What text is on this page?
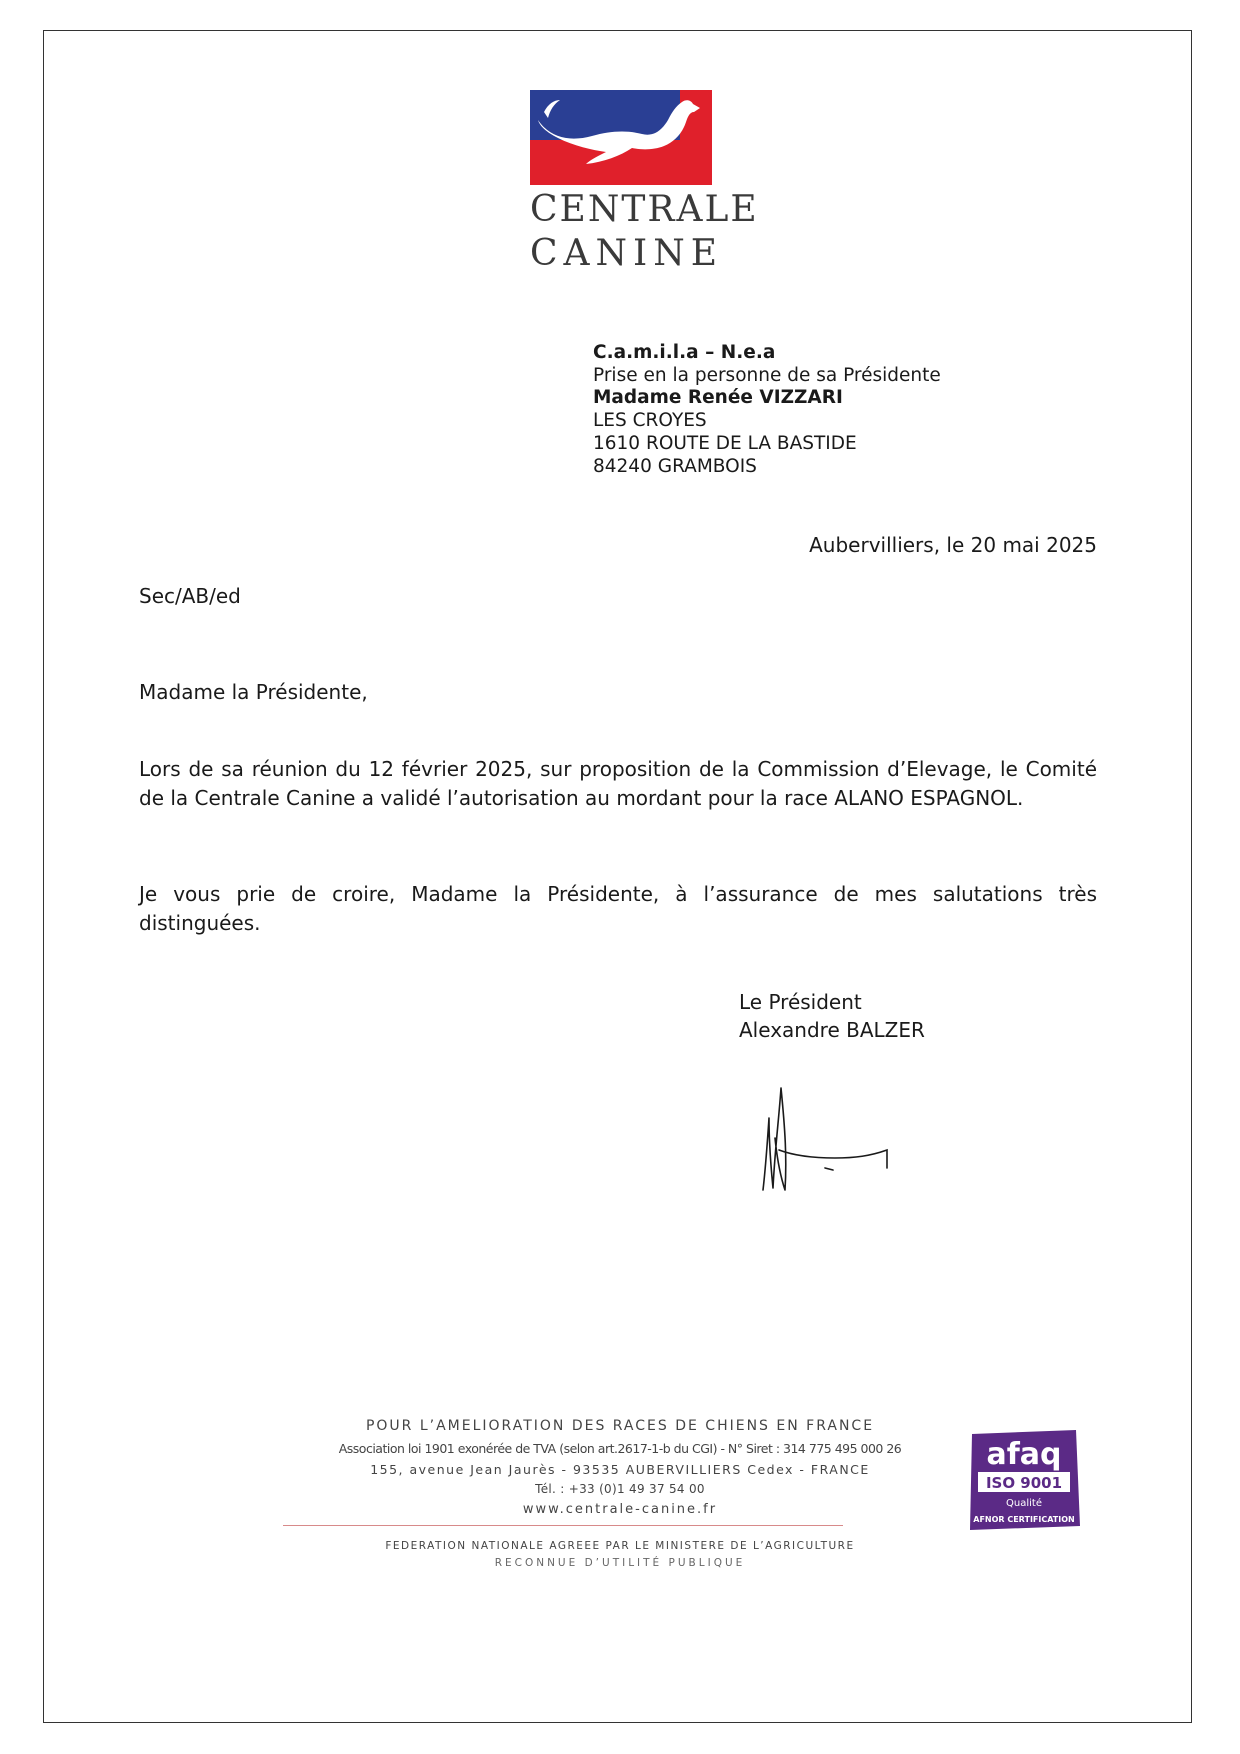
CENTRALE
CANINE
C.a.m.i.l.a – N.e.a
Prise en la personne de sa Présidente
Madame Renée VIZZARI
LES CROYES
1610 ROUTE DE LA BASTIDE
84240 GRAMBOIS
Aubervilliers, le 20 mai 2025
Sec/AB/ed
Madame la Présidente,
Lors de sa réunion du 12 février 2025, sur proposition de la Commission d’Elevage, le Comité de la Centrale Canine a validé l’autorisation au mordant pour la race ALANO ESPAGNOL.
Je vous prie de croire, Madame la Présidente, à l’assurance de mes salutations très distinguées.
Le Président
Alexandre BALZER
POUR L’AMELIORATION DES RACES DE CHIENS EN FRANCE
Association loi 1901 exonérée de TVA (selon art.2617-1-b du CGI) - N° Siret : 314 775 495 000 26
155, avenue Jean Jaurès - 93535 AUBERVILLIERS Cedex - FRANCE
Tél. : +33 (0)1 49 37 54 00
www.centrale-canine.fr
FEDERATION NATIONALE AGREEE PAR LE MINISTERE DE L’AGRICULTURE
RECONNUE D’UTILITÉ PUBLIQUE
afaq
ISO 9001
Qualité
AFNOR CERTIFICATION
